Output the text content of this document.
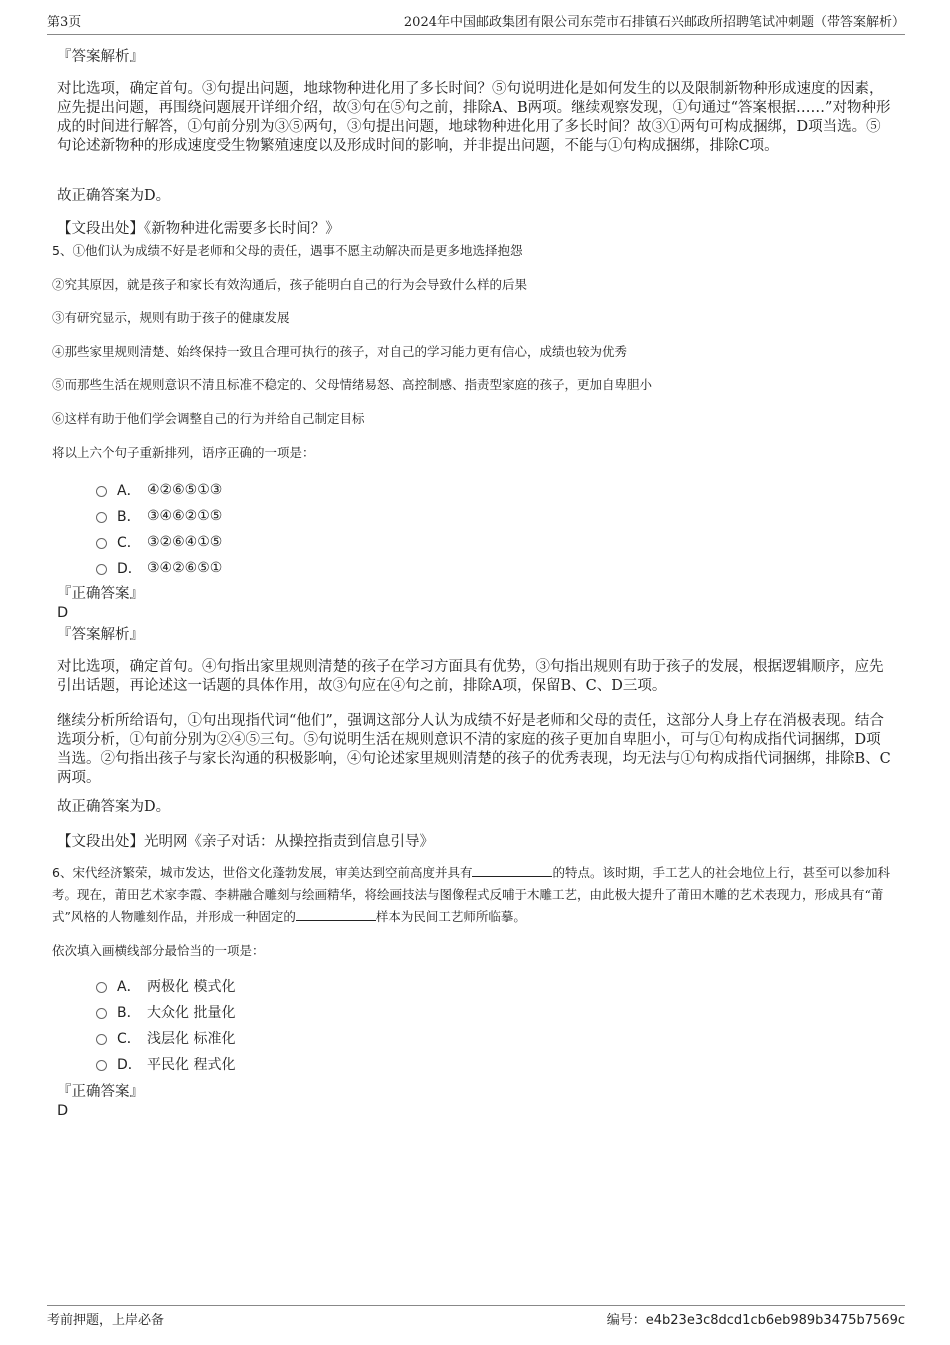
第3页	2024年中国邮政集团有限公司东莞市石排镇石兴邮政所招聘笔试冲刺题（带答案解析）
『答案解析』
对比选项，确定首句。③句提出问题，地球物种进化用了多长时间？⑤句说明进化是如何发生的以及限制新物种形成速度的因素，应先提出问题，再围绕问题展开详细介绍，故③句在⑤句之前，排除A、B两项。继续观察发现，①句通过“答案根据……”对物种形成的时间进行解答，①句前分别为③⑤两句，③句提出问题，地球物种进化用了多长时间？故③①两句可构成捆绑，D项当选。⑤句论述新物种的形成速度受生物繁殖速度以及形成时间的影响，并非提出问题，不能与①句构成捆绑，排除C项。
故正确答案为D。
【文段出处】《新物种进化需要多长时间？》
5、①他们认为成绩不好是老师和父母的责任，遇事不愿主动解决而是更多地选择抱怨
②究其原因，就是孩子和家长有效沟通后，孩子能明白自己的行为会导致什么样的后果
③有研究显示，规则有助于孩子的健康发展
④那些家里规则清楚、始终保持一致且合理可执行的孩子，对自己的学习能力更有信心，成绩也较为优秀
⑤而那些生活在规则意识不清且标准不稳定的、父母情绪易怒、高控制感、指责型家庭的孩子，更加自卑胆小
⑥这样有助于他们学会调整自己的行为并给自己制定目标
将以上六个句子重新排列，语序正确的一项是：
A． ④②⑥⑤①③
B． ③④⑥②①⑤
C． ③②⑥④①⑤
D． ③④②⑥⑤①
『正确答案』
D
『答案解析』
对比选项，确定首句。④句指出家里规则清楚的孩子在学习方面具有优势，③句指出规则有助于孩子的发展，根据逻辑顺序，应先引出话题，再论述这一话题的具体作用，故③句应在④句之前，排除A项，保留B、C、D三项。
继续分析所给语句，①句出现指代词“他们”，强调这部分人认为成绩不好是老师和父母的责任，这部分人身上存在消极表现。结合选项分析，①句前分别为②④⑤三句。⑤句说明生活在规则意识不清的家庭的孩子更加自卑胆小，可与①句构成指代词捆绑，D项当选。②句指出孩子与家长沟通的积极影响，④句论述家里规则清楚的孩子的优秀表现，均无法与①句构成指代词捆绑，排除B、C两项。
故正确答案为D。
【文段出处】光明网《亲子对话：从操控指责到信息引导》
6、宋代经济繁荣，城市发达，世俗文化蓬勃发展，审美达到空前高度并具有	的特点。该时期，手工艺人的社会地位上行，甚至可以参加科考。现在，莆田艺术家李霞、李耕融合雕刻与绘画精华，将绘画技法与图像程式反哺于木雕工艺，由此极大提升了莆田木雕的艺术表现力，形成具有“莆式”风格的人物雕刻作品，并形成一种固定的	样本为民间工艺师所临摹。
依次填入画横线部分最恰当的一项是：
A． 两极化 模式化
B． 大众化 批量化
C． 浅层化 标准化
D． 平民化 程式化
『正确答案』
D
考前押题，上岸必备	编号：e4b23e3c8dcd1cb6eb989b3475b7569c
